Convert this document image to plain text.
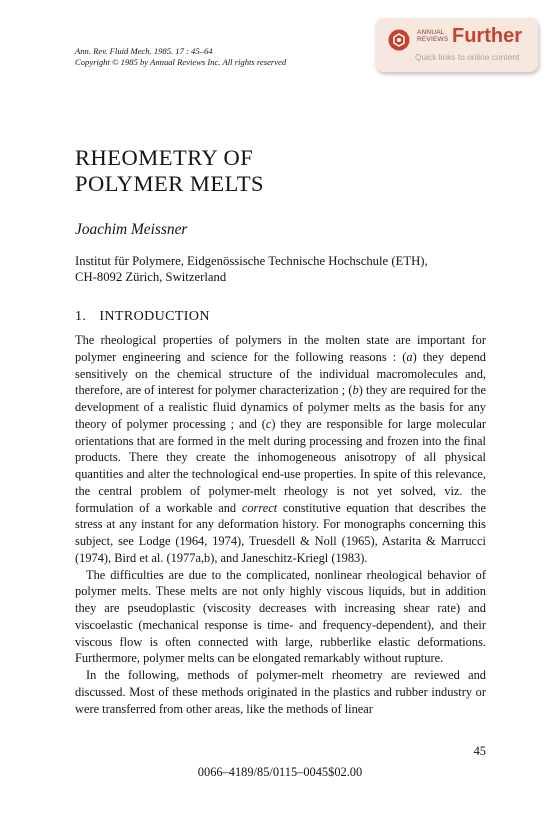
Ann. Rev. Fluid Mech. 1985. 17 : 45–64
Copyright © 1985 by Annual Reviews Inc. All rights reserved
ANNUAL
REVIEWS Further
Quick links to online content
RHEOMETRY OF
POLYMER MELTS
Joachim Meissner
Institut für Polymere, Eidgenössische Technische Hochschule (ETH),
CH-8092 Zürich, Switzerland
1. INTRODUCTION

The rheological properties of polymers in the molten state are important for polymer engineering and science for the following reasons : (a) they depend sensitively on the chemical structure of the individual macromolecules and, therefore, are of interest for polymer characterization ; (b) they are required for the development of a realistic fluid dynamics of polymer melts as the basis for any theory of polymer processing ; and (c) they are responsible for large molecular orientations that are formed in the melt during processing and frozen into the final products. There they create the inhomogeneous anisotropy of all physical quantities and alter the technological end-use properties. In spite of this relevance, the central problem of polymer-melt rheology is not yet solved, viz. the formulation of a workable and correct constitutive equation that describes the stress at any instant for any deformation history. For monographs concerning this subject, see Lodge (1964, 1974), Truesdell & Noll (1965), Astarita & Marrucci (1974), Bird et al. (1977a,b), and Janeschitz-Kriegl (1983).

The difficulties are due to the complicated, nonlinear rheological behavior of polymer melts. These melts are not only highly viscous liquids, but in addition they are pseudoplastic (viscosity decreases with increasing shear rate) and viscoelastic (mechanical response is time- and frequency-dependent), and their viscous flow is often connected with large, rubberlike elastic deformations. Furthermore, polymer melts can be elongated remarkably without rupture.

In the following, methods of polymer-melt rheometry are reviewed and discussed. Most of these methods originated in the plastics and rubber industry or were transferred from other areas, like the methods of linear

45
0066–4189/85/0115–0045$02.00
